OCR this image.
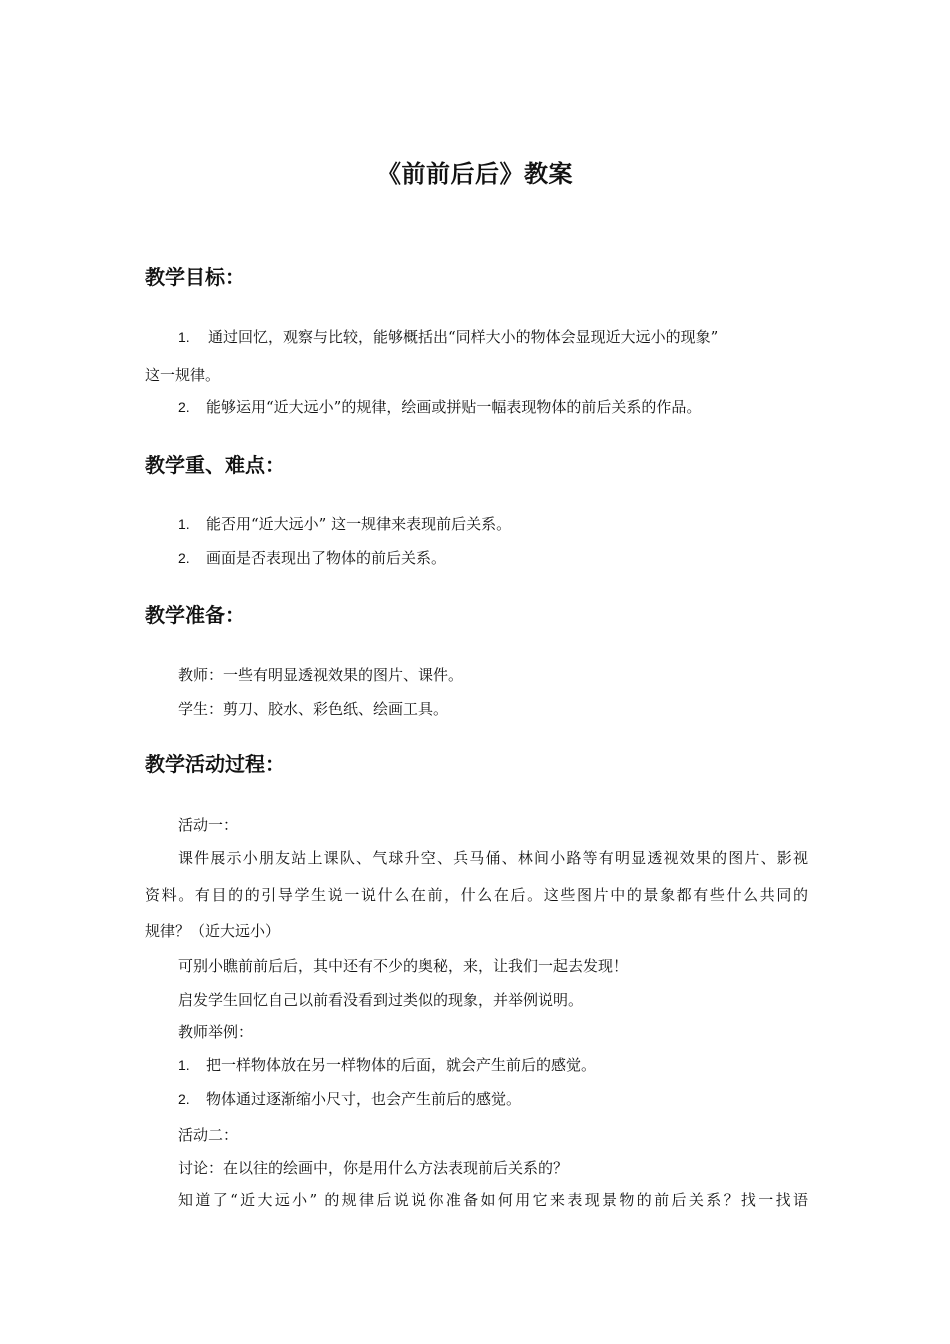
《前前后后》教案
教学目标：
1. 通过回忆，观察与比较，能够概括出“同样大小的物体会显现近大远小的现象”
这一规律。
2. 能够运用“近大远小”的规律，绘画或拼贴一幅表现物体的前后关系的作品。
教学重、难点：
1. 能否用“近大远小” 这一规律来表现前后关系。
2. 画面是否表现出了物体的前后关系。
教学准备：
教师：一些有明显透视效果的图片、课件。
学生：剪刀、胶水、彩色纸、绘画工具。
教学活动过程：
活动一：
课件展示小朋友站上课队、气球升空、兵马俑、林间小路等有明显透视效果的图片、影视
资料。有目的的引导学生说一说什么在前，什么在后。这些图片中的景象都有些什么共同的
规律？（近大远小）
可别小瞧前前后后，其中还有不少的奥秘，来，让我们一起去发现！
启发学生回忆自己以前看没看到过类似的现象，并举例说明。
教师举例：
1. 把一样物体放在另一样物体的后面，就会产生前后的感觉。
2. 物体通过逐渐缩小尺寸，也会产生前后的感觉。
活动二：
讨论：在以往的绘画中，你是用什么方法表现前后关系的？
知道了“近大远小” 的规律后说说你准备如何用它来表现景物的前后关系？找一找语
